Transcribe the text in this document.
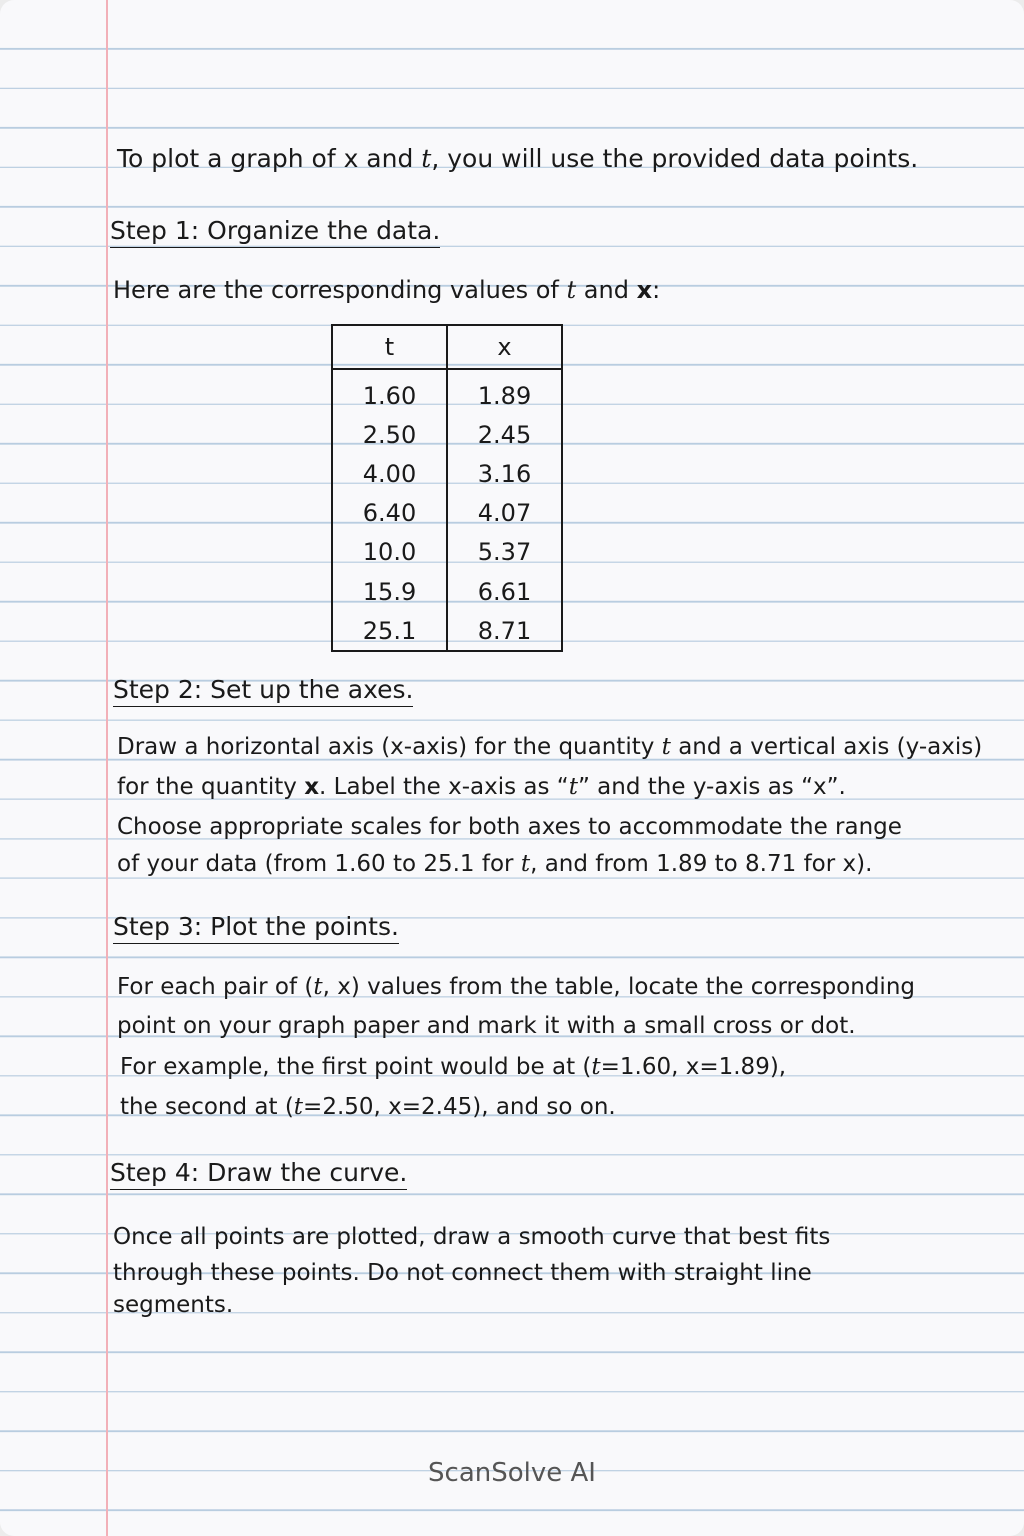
To plot a graph of x and t, you will use the provided data points.
Step 1: Organize the data.
Here are the corresponding values of t and x:
t	x
1.60	1.89
2.50	2.45
4.00	3.16
6.40	4.07
10.0	5.37
15.9	6.61
25.1	8.71
Step 2: Set up the axes.
Draw a horizontal axis (x-axis) for the quantity t and a vertical axis (y-axis)
for the quantity x. Label the x-axis as “t” and the y-axis as “x”.
Choose appropriate scales for both axes to accommodate the range
of your data (from 1.60 to 25.1 for t, and from 1.89 to 8.71 for x).
Step 3: Plot the points.
For each pair of (t, x) values from the table, locate the corresponding
point on your graph paper and mark it with a small cross or dot.
For example, the first point would be at (t=1.60, x=1.89),
the second at (t=2.50, x=2.45), and so on.
Step 4: Draw the curve.
Once all points are plotted, draw a smooth curve that best fits
through these points. Do not connect them with straight line
segments.
ScanSolve AI
